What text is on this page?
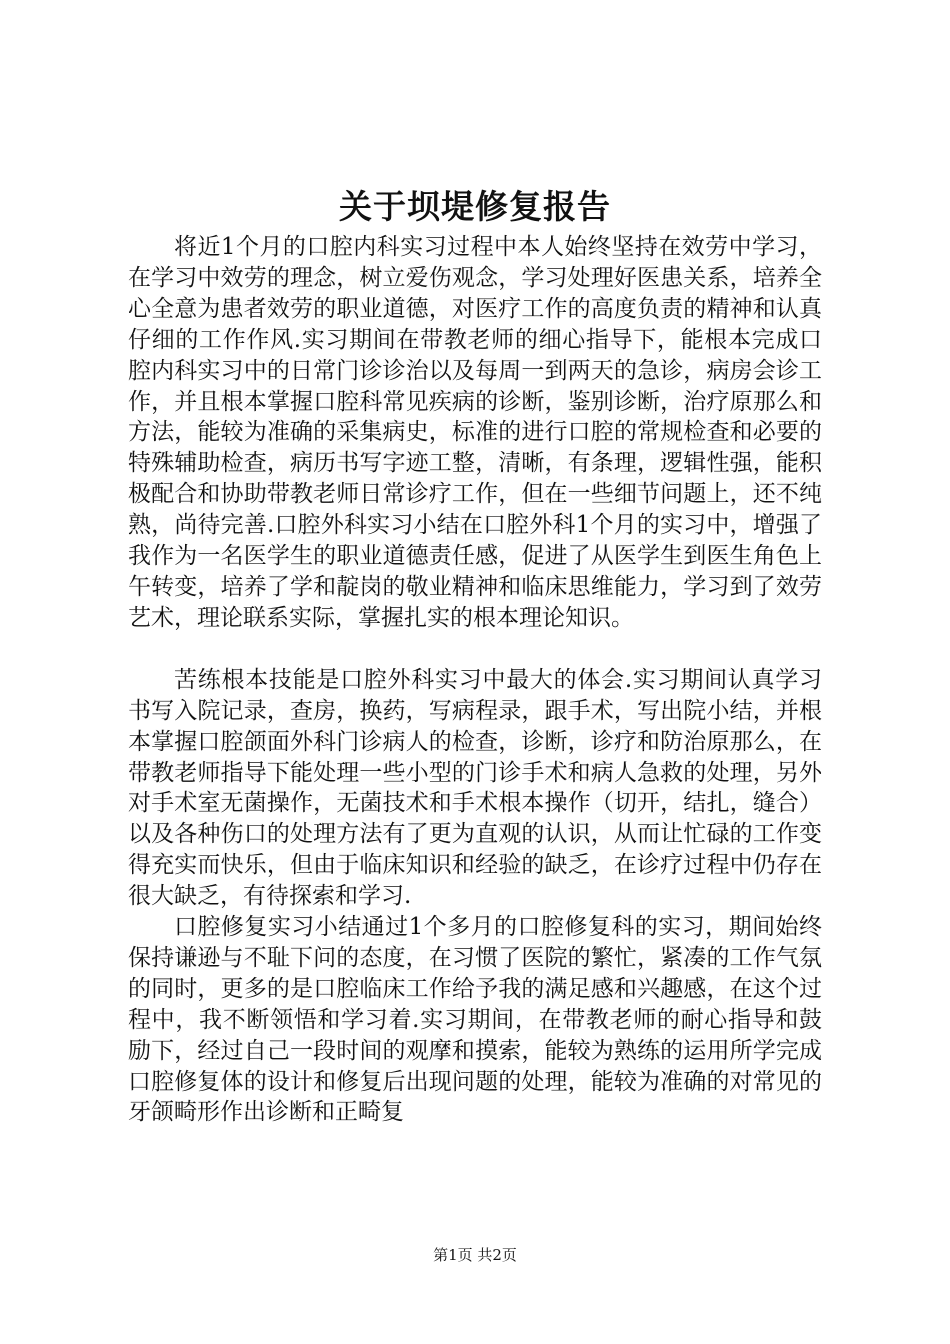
关于坝堤修复报告

将近1个月的口腔内科实习过程中本人始终坚持在效劳中学习，在学习中效劳的理念，树立爱伤观念，学习处理好医患关系，培养全心全意为患者效劳的职业道德，对医疗工作的高度负责的精神和认真仔细的工作作风.实习期间在带教老师的细心指导下，能根本完成口腔内科实习中的日常门诊诊治以及每周一到两天的急诊，病房会诊工作，并且根本掌握口腔科常见疾病的诊断，鉴别诊断，治疗原那么和方法，能较为准确的采集病史，标准的进行口腔的常规检查和必要的特殊辅助检查，病历书写字迹工整，清晰，有条理，逻辑性强，能积极配合和协助带教老师日常诊疗工作，但在一些细节问题上，还不纯熟，尚待完善.口腔外科实习小结在口腔外科1个月的实习中，增强了我作为一名医学生的职业道德责任感，促进了从医学生到医生角色上午转变，培养了学和靛岗的敬业精神和临床思维能力，学习到了效劳艺术，理论联系实际，掌握扎实的根本理论知识。

苦练根本技能是口腔外科实习中最大的体会.实习期间认真学习书写入院记录，查房，换药，写病程录，跟手术，写出院小结，并根本掌握口腔颌面外科门诊病人的检查，诊断，诊疗和防治原那么，在带教老师指导下能处理一些小型的门诊手术和病人急救的处理，另外对手术室无菌操作，无菌技术和手术根本操作（切开，结扎，缝合）以及各种伤口的处理方法有了更为直观的认识，从而让忙碌的工作变得充实而快乐，但由于临床知识和经验的缺乏，在诊疗过程中仍存在很大缺乏，有待探索和学习.

口腔修复实习小结通过1个多月的口腔修复科的实习，期间始终保持谦逊与不耻下问的态度，在习惯了医院的繁忙，紧凑的工作气氛的同时，更多的是口腔临床工作给予我的满足感和兴趣感，在这个过程中，我不断领悟和学习着.实习期间，在带教老师的耐心指导和鼓励下，经过自己一段时间的观摩和摸索，能较为熟练的运用所学完成口腔修复体的设计和修复后出现问题的处理，能较为准确的对常见的牙颌畸形作出诊断和正畸复

第1页 共2页
